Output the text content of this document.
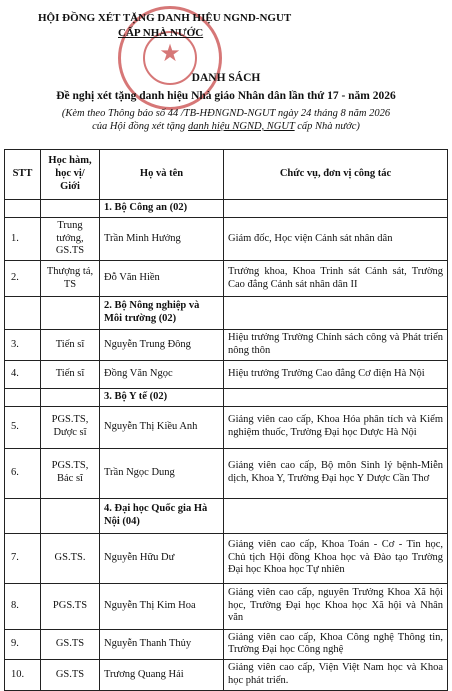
★
HỘI ĐỒNG XÉT TẶNG DANH HIỆU NGND-NGUT
CẤP NHÀ NƯỚC
DANH SÁCH
Đề nghị xét tặng danh hiệu Nhà giáo Nhân dân lần thứ 17 - năm 2026
(Kèm theo Thông báo số 44 /TB-HĐNGND-NGUT ngày 24 tháng 8 năm 2026
của Hội đồng xét tặng danh hiệu NGND, NGUT cấp Nhà nước)
STT	Học hàm, học vị/ Giới	Họ và tên	Chức vụ, đơn vị công tác
		1. Bộ Công an (02)	
1.	Trung tướng, GS.TS	Trần Minh Hưởng	Giám đốc, Học viện Cảnh sát nhân dân
2.	Thượng tá, TS	Đỗ Văn Hiền	Trưởng khoa, Khoa Trinh sát Cảnh sát, Trường Cao đẳng Cảnh sát nhân dân II
		2. Bộ Nông nghiệp và Môi trường (02)	
3.	Tiến sĩ	Nguyễn Trung Đông	Hiệu trưởng Trường Chính sách công và Phát triển nông thôn
4.	Tiến sĩ	Đồng Văn Ngọc	Hiệu trưởng Trường Cao đẳng Cơ điện Hà Nội
		3. Bộ Y tế (02)	
5.	PGS.TS, Dược sĩ	Nguyễn Thị Kiều Anh	Giảng viên cao cấp, Khoa Hóa phân tích và Kiểm nghiệm thuốc, Trường Đại học Dược Hà Nội
6.	PGS.TS, Bác sĩ	Trần Ngọc Dung	Giảng viên cao cấp, Bộ môn Sinh lý bệnh-Miễn dịch, Khoa Y, Trường Đại học Y Dược Cần Thơ
		4. Đại học Quốc gia Hà Nội (04)	
7.	GS.TS.	Nguyễn Hữu Dư	Giảng viên cao cấp, Khoa Toán - Cơ - Tin học, Chủ tịch Hội đồng Khoa học và Đào tạo Trường Đại học Khoa học Tự nhiên
8.	PGS.TS	Nguyễn Thị Kim Hoa	Giảng viên cao cấp, nguyên Trưởng Khoa Xã hội học, Trường Đại học Khoa học Xã hội và Nhân văn
9.	GS.TS	Nguyễn Thanh Thủy	Giảng viên cao cấp, Khoa Công nghệ Thông tin, Trường Đại học Công nghệ
10.	GS.TS	Trương Quang Hải	Giảng viên cao cấp, Viện Việt Nam học và Khoa học phát triển.
